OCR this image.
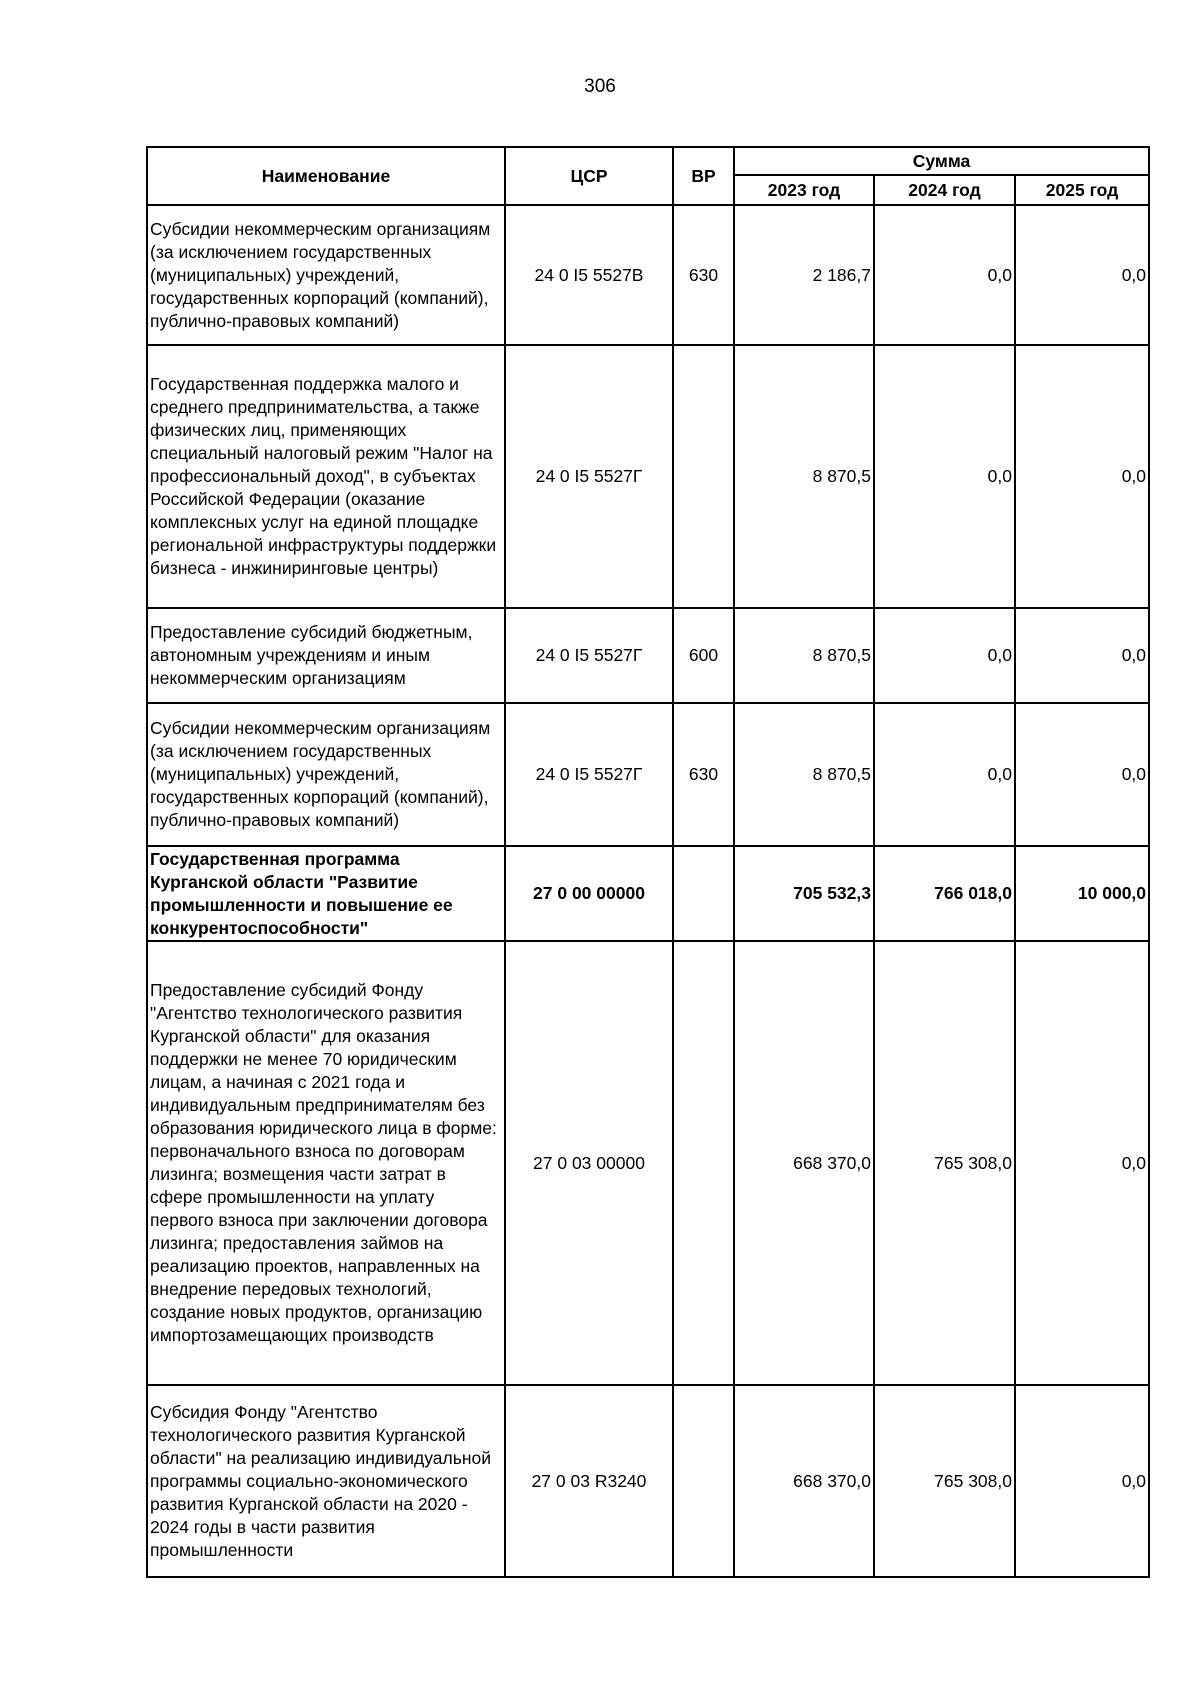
306
Наименование	ЦСР	ВР	Сумма		
			2023 год	2024 год	2025 год
Субсидии некоммерческим организациям (за исключением государственных (муниципальных) учреждений, государственных корпораций (компаний), публично-правовых компаний)	24 0 I5 5527В	630	2 186,7	0,0	0,0
Государственная поддержка малого и среднего предпринимательства, а также физических лиц, применяющих специальный налоговый режим "Налог на профессиональный доход", в субъектах Российской Федерации (оказание комплексных услуг на единой площадке региональной инфраструктуры поддержки бизнеса - инжиниринговые центры)	24 0 I5 5527Г		8 870,5	0,0	0,0
Предоставление субсидий бюджетным, автономным учреждениям и иным некоммерческим организациям	24 0 I5 5527Г	600	8 870,5	0,0	0,0
Субсидии некоммерческим организациям (за исключением государственных (муниципальных) учреждений, государственных корпораций (компаний), публично-правовых компаний)	24 0 I5 5527Г	630	8 870,5	0,0	0,0
Государственная программа Курганской области "Развитие промышленности и повышение ее конкурентоспособности"	27 0 00 00000		705 532,3	766 018,0	10 000,0
Предоставление субсидий Фонду "Агентство технологического развития Курганской области" для оказания поддержки не менее 70 юридическим лицам, а начиная с 2021 года и индивидуальным предпринимателям без образования юридического лица в форме: первоначального взноса по договорам лизинга; возмещения части затрат в сфере промышленности на уплату первого взноса при заключении договора лизинга; предоставления займов на реализацию проектов, направленных на внедрение передовых технологий, создание новых продуктов, организацию импортозамещающих производств	27 0 03 00000		668 370,0	765 308,0	0,0
Субсидия Фонду "Агентство технологического развития Курганской области" на реализацию индивидуальной программы социально-экономического развития Курганской области на 2020 - 2024 годы в части развития промышленности	27 0 03 R3240		668 370,0	765 308,0	0,0
